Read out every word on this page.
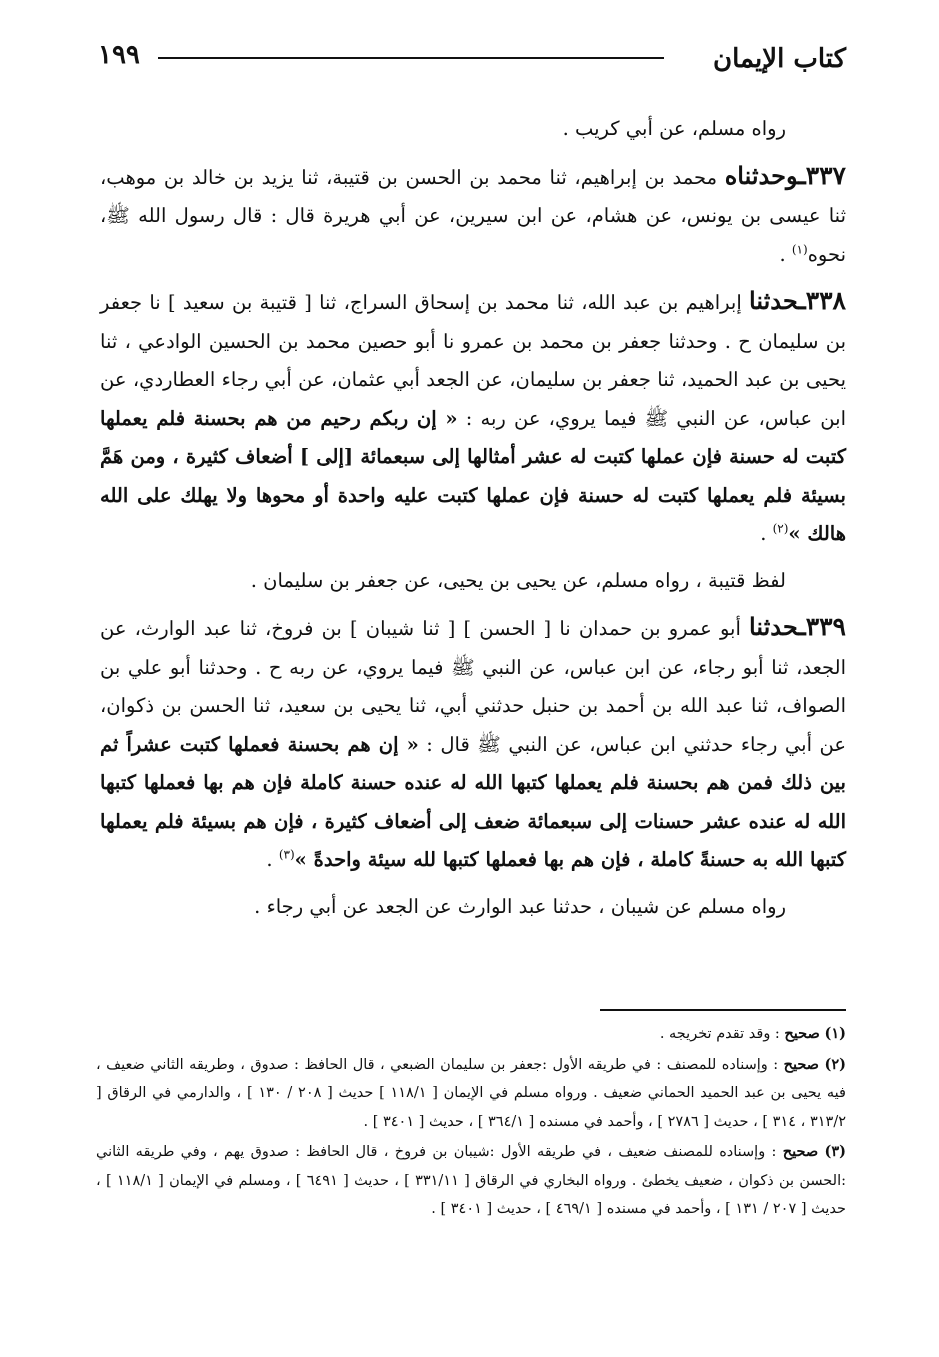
كتاب الإيمان
١٩٩

رواه مسلم، عن أبي كريب .

٣٣٧ـوحدثناه محمد بن إبراهيم، ثنا محمد بن الحسن بن قتيبة، ثنا يزيد بن خالد بن موهب، ثنا عيسى بن يونس، عن هشام، عن ابن سيرين، عن أبي هريرة قال : قال رسول الله ﷺ، نحوه$^{(١)}$ .

٣٣٨ـحدثنا إبراهيم بن عبد الله، ثنا محمد بن إسحاق السراج، ثنا [ قتيبة بن سعيد ] نا جعفر بن سليمان ح . وحدثنا جعفر بن محمد بن عمرو نا أبو حصين محمد بن الحسين الوادعي ، ثنا يحيى بن عبد الحميد، ثنا جعفر بن سليمان، عن الجعد أبي عثمان، عن أبي رجاء العطاردي، عن ابن عباس، عن النبي ﷺ فيما يروي، عن ربه : « إن ربكم رحيم من هم بحسنة فلم يعملها كتبت له حسنة فإن عملها كتبت له عشر أمثالها إلى سبعمائة [إلى ] أضعاف كثيرة ، ومن هَمَّ بسيئة فلم يعملها كتبت له حسنة فإن عملها كتبت عليه واحدة أو محوها ولا يهلك على الله هالك »$^{(٢)}$ .

لفظ قتيبة ، رواه مسلم، عن يحيى بن يحيى، عن جعفر بن سليمان .

٣٣٩ـحدثنا أبو عمرو بن حمدان نا [ الحسن ] [ ثنا شيبان ] بن فروخ، ثنا عبد الوارث، عن الجعد، ثنا أبو رجاء، عن ابن عباس، عن النبي ﷺ فيما يروي، عن ربه ح . وحدثنا أبو علي بن الصواف، ثنا عبد الله بن أحمد بن حنبل حدثني أبي، ثنا يحيى بن سعيد، ثنا الحسن بن ذكوان، عن أبي رجاء حدثني ابن عباس، عن النبي ﷺ قال : « إن هم بحسنة فعملها كتبت عشراً ثم بين ذلك فمن هم بحسنة فلم يعملها كتبها الله له عنده حسنة كاملة فإن هم بها فعملها كتبها الله له عنده عشر حسنات إلى سبعمائة ضعف إلى أضعاف كثيرة ، فإن هم بسيئة فلم يعملها كتبها الله به حسنةً كاملة ، فإن هم بها فعملها كتبها لله سيئة واحدةً »$^{(٣)}$ .

رواه مسلم عن شيبان ، حدثنا عبد الوارث عن الجعد عن أبي رجاء .

(١) صحيح : وقد تقدم تخريجه .

(٢) صحيح : وإسناده للمصنف : في طريقه الأول :جعفر بن سليمان الضبعي ، قال الحافظ : صدوق ، وطريقه الثاني ضعيف ، فيه يحيى بن عبد الحميد الحماني ضعيف . ورواه مسلم في الإيمان [ ١١٨/١ ] حديث [ ٢٠٨ / ١٣٠ ] ، والدارمي في الرقاق [ ٣١٣/٢ ، ٣١٤ ] ، حديث [ ٢٧٨٦ ] ، وأحمد في مسنده [ ٣٦٤/١ ] ، حديث [ ٣٤٠١ ] .

(٣) صحيح : وإسناده للمصنف ضعيف ، في طريقه الأول :شيبان بن فروخ ، قال الحافظ : صدوق يهم ، وفي طريقه الثاني :الحسن بن ذكوان ، ضعيف يخطئ . ورواه البخاري في الرقاق [ ٣٣١/١١ ] ، حديث [ ٦٤٩١ ] ، ومسلم في الإيمان [ ١١٨/١ ] ، حديث [ ٢٠٧ / ١٣١ ] ، وأحمد في مسنده [ ٤٦٩/١ ] ، حديث [ ٣٤٠١ ] .
